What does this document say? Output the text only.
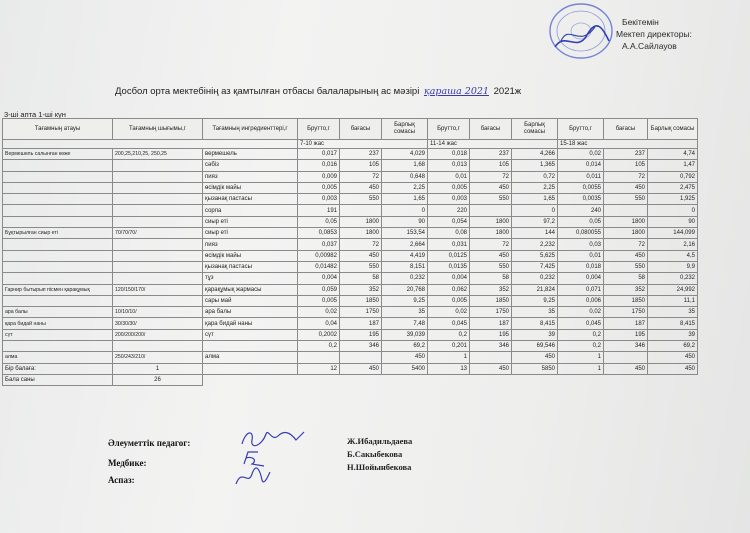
Бекітемін
Мектеп директоры:
А.А.Сайлауов
Досбол орта мектебінің аз қамтылған отбасы балаларының ас мәзірі қараша 2021 2021ж
3-ші апта 1-ші күн
Тағамның атауы	Тағамның шығымы,г	Тағамның ингредиенттері,г	Брутто,г	бағасы	Барлық сомасы	Брутто,г	бағасы	Барлық сомасы	Брутто,г	бағасы	Барлық сомасы
			7-10 жас			11-14 жас			15-18 жас		
Вермешель салынған көже	200,25,210,25, 250,25	вермешель	0,017	237	4,029	0,018	237	4,266	0,02	237	4,74
		сәбіз	0,016	105	1,68	0,013	105	1,365	0,014	105	1,47
		пияз	0,009	72	0,648	0,01	72	0,72	0,011	72	0,792
		өсімдік майы	0,005	450	2,25	0,005	450	2,25	0,0055	450	2,475
		қызанақ пастасы	0,003	550	1,65	0,003	550	1,65	0,0035	550	1,925
		сорпа	191		0	220		0	240		0
		сиыр еті	0,05	1800	90	0,054	1800	97,2	0,05	1800	90
Бұқтырылған сиыр еті	70/70/70/	сиыр еті	0,0853	1800	153,54	0,08	1800	144	0,080055	1800	144,099
		пияз	0,037	72	2,664	0,031	72	2,232	0,03	72	2,16
		өсімдік майы	0,00982	450	4,419	0,0125	450	5,625	0,01	450	4,5
		қызанақ пастасы	0,01482	550	8,151	0,0135	550	7,425	0,018	550	9,9
		тұз	0,004	58	0,232	0,004	58	0,232	0,004	58	0,232
Гарнир бытырып пісмен қарақұмық	120/150/170/	қарақұмық жармасы	0,059	352	20,768	0,062	352	21,824	0,071	352	24,992
		сары май	0,005	1850	9,25	0,005	1850	9,25	0,006	1850	11,1
ара балы	10/10/10/	ара балы	0,02	1750	35	0,02	1750	35	0,02	1750	35
қара бидай наны	30/30/30/	қара бидай наны	0,04	187	7,48	0,045	187	8,415	0,045	187	8,415
сүт	200/200/200/	сүт	0,2002	195	39,039	0,2	195	39	0,2	195	39
			0,2	346	69,2	0,201	346	69,546	0,2	346	69,2
алма	250/243/210/	алма			450	1		450	1		450
Бір балаға:	1		12	450	5400	13	450	5850	1	450	450
Бала саны	26										
Әлеуметтік педагог:
Медбике:
Аспаз:
Ж.Ибадильдаева
Б.Сакыбекова
Н.Шойынбекова
